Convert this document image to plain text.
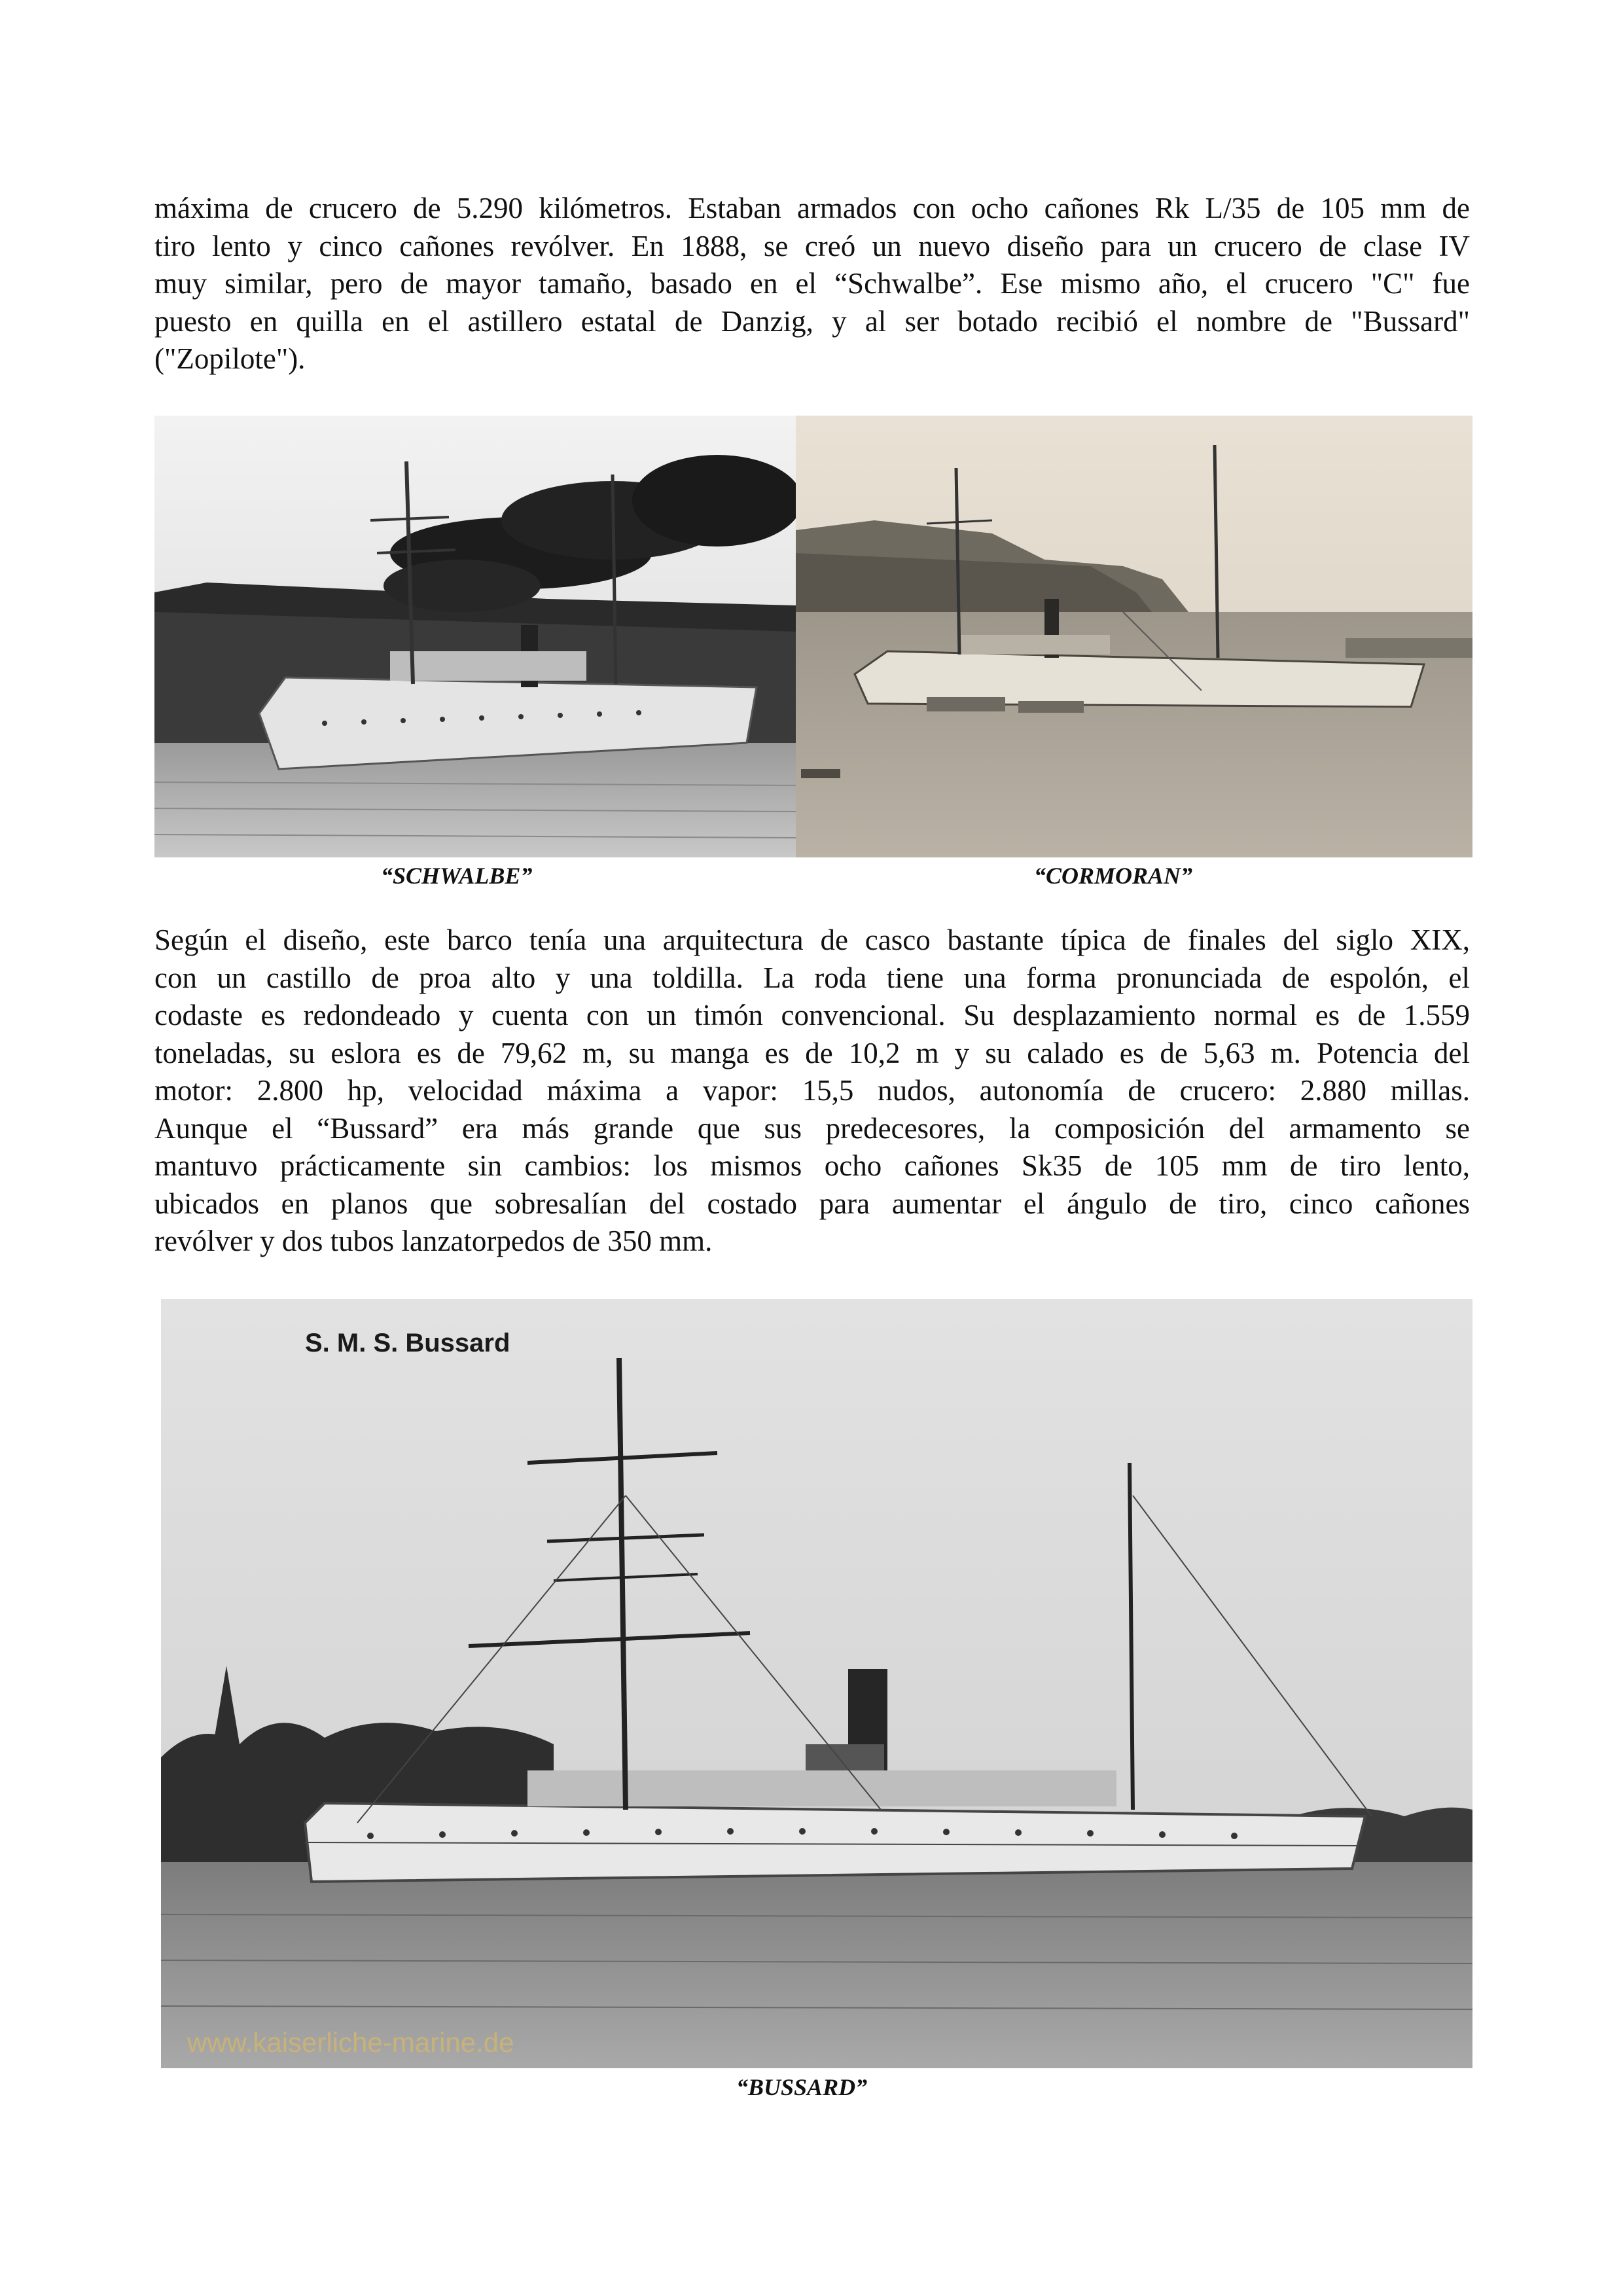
máxima de crucero de 5.290 kilómetros. Estaban armados con ocho cañones Rk L/35 de 105 mm de
tiro lento y cinco cañones revólver. En 1888, se creó un nuevo diseño para un crucero de clase IV
muy similar, pero de mayor tamaño, basado en el “Schwalbe”. Ese mismo año, el crucero "C" fue
puesto en quilla en el astillero estatal de Danzig, y al ser botado recibió el nombre de "Bussard"
("Zopilote").
“SCHWALBE”	“CORMORAN”
Según el diseño, este barco tenía una arquitectura de casco bastante típica de finales del siglo XIX,
con un castillo de proa alto y una toldilla. La roda tiene una forma pronunciada de espolón, el
codaste es redondeado y cuenta con un timón convencional. Su desplazamiento normal es de 1.559
toneladas, su eslora es de 79,62 m, su manga es de 10,2 m y su calado es de 5,63 m. Potencia del
motor: 2.800 hp, velocidad máxima a vapor: 15,5 nudos, autonomía de crucero: 2.880 millas.
Aunque el “Bussard” era más grande que sus predecesores, la composición del armamento se
mantuvo prácticamente sin cambios: los mismos ocho cañones Sk35 de 105 mm de tiro lento,
ubicados en planos que sobresalían del costado para aumentar el ángulo de tiro, cinco cañones
revólver y dos tubos lanzatorpedos de 350 mm.
S. M. S. Bussard
www.kaiserliche-marine.de
“BUSSARD”
